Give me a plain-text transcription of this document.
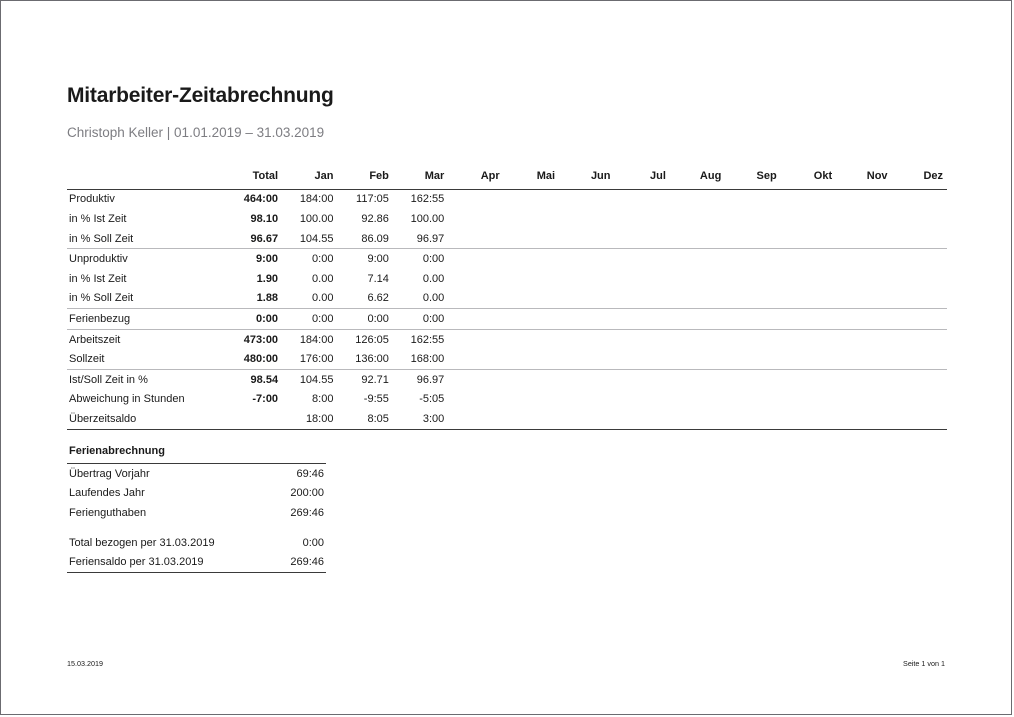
Mitarbeiter-Zeitabrechnung
Christoph Keller | 01.01.2019 – 31.03.2019
	Total	Jan	Feb	Mar	Apr	Mai	Jun	Jul	Aug	Sep	Okt	Nov	Dez
Produktiv	464:00	184:00	117:05	162:55									
in % Ist Zeit	98.10	100.00	92.86	100.00									
in % Soll Zeit	96.67	104.55	86.09	96.97									
Unproduktiv	9:00	0:00	9:00	0:00									
in % Ist Zeit	1.90	0.00	7.14	0.00									
in % Soll Zeit	1.88	0.00	6.62	0.00									
Ferienbezug	0:00	0:00	0:00	0:00									
Arbeitszeit	473:00	184:00	126:05	162:55									
Sollzeit	480:00	176:00	136:00	168:00									
Ist/Soll Zeit in %	98.54	104.55	92.71	96.97									
Abweichung in Stunden	-7:00	8:00	-9:55	-5:05									
Überzeitsaldo		18:00	8:05	3:00									
Ferienabrechnung	
Übertrag Vorjahr	69:46
Laufendes Jahr	200:00
Ferienguthaben	269:46

Total bezogen per 31.03.2019	0:00
Feriensaldo per 31.03.2019	269:46
15.03.2019	Seite 1 von 1
